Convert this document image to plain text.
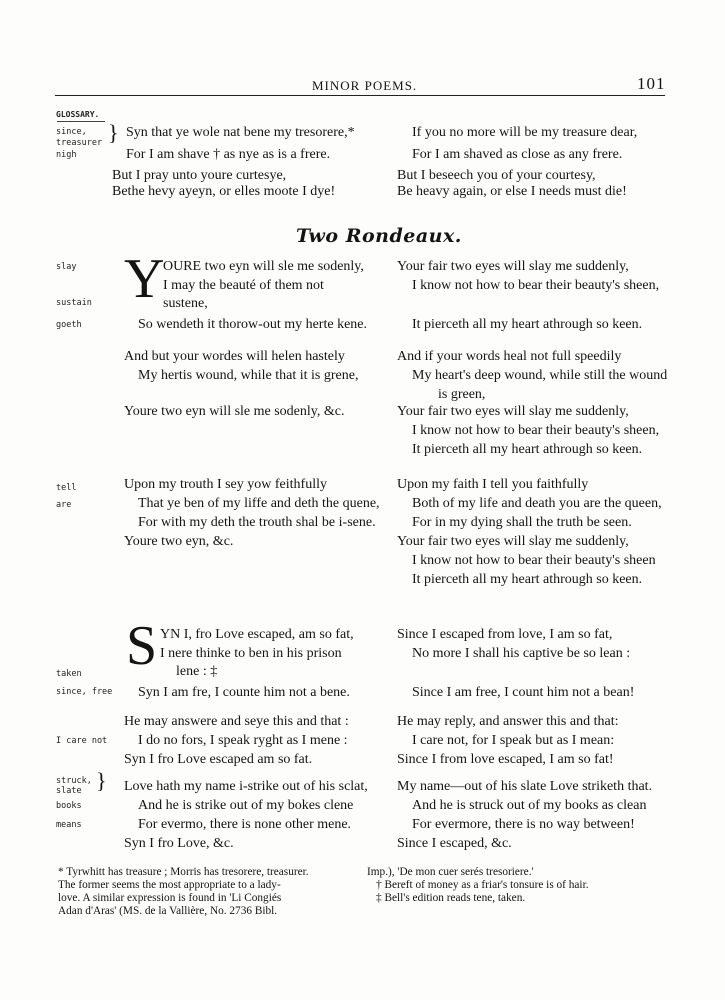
MINOR POEMS.	101
GLOSSARY.
since,
treasurer }
nigh
Syn that ye wole nat bene my tresorere,*
For I am shave † as nye as is a frere.
But I pray unto youre curtesye,
Bethe hevy ayeyn, or elles moote I dye!
If you no more will be my treasure dear,
For I am shaved as close as any frere.
But I beseech you of your courtesy,
Be heavy again, or else I needs must die!
Two Rondeaux.
slay
sustain
goeth
tell
are
Y
OURE two eyn will sle me sodenly,
I may the beauté of them not
sustene,
So wendeth it thorow-out my herte kene.
And but your wordes will helen hastely
My hertis wound, while that it is grene,
Youre two eyn will sle me sodenly, &c.
Upon my trouth I sey yow feithfully
That ye ben of my liffe and deth the quene,
For with my deth the trouth shal be i-sene.
Youre two eyn, &c.
Your fair two eyes will slay me suddenly,
I know not how to bear their beauty's sheen,
It pierceth all my heart athrough so keen.
And if your words heal not full speedily
My heart's deep wound, while still the wound
is green,
Your fair two eyes will slay me suddenly,
I know not how to bear their beauty's sheen,
It pierceth all my heart athrough so keen.
Upon my faith I tell you faithfully
Both of my life and death you are the queen,
For in my dying shall the truth be seen.
Your fair two eyes will slay me suddenly,
I know not how to bear their beauty's sheen
It pierceth all my heart athrough so keen.
taken
since, free
I care not
struck,
slate }
books
means
S YN I, fro Love escaped, am so fat,
I nere thinke to ben in his prison
lene : ‡
Syn I am fre, I counte him not a bene.
He may answere and seye this and that :
I do no fors, I speak ryght as I mene :
Syn I fro Love escaped am so fat.
Love hath my name i-strike out of his sclat,
And he is strike out of my bokes clene
For evermo, there is none other mene.
Syn I fro Love, &c.
Since I escaped from love, I am so fat,
No more I shall his captive be so lean :
Since I am free, I count him not a bean!
He may reply, and answer this and that:
I care not, for I speak but as I mean:
Since I from love escaped, I am so fat!
My name—out of his slate Love striketh that.
And he is struck out of my books as clean
For evermore, there is no way between!
Since I escaped, &c.
* Tyrwhitt has treasure ; Morris has tresorere, treasurer.
The former seems the most appropriate to a lady-
love. A similar expression is found in 'Li Congiés
Adan d'Aras' (MS. de la Vallière, No. 2736 Bibl.
Imp.), 'De mon cuer serés tresoriere.'
† Bereft of money as a friar's tonsure is of hair.
‡ Bell's edition reads tene, taken.
